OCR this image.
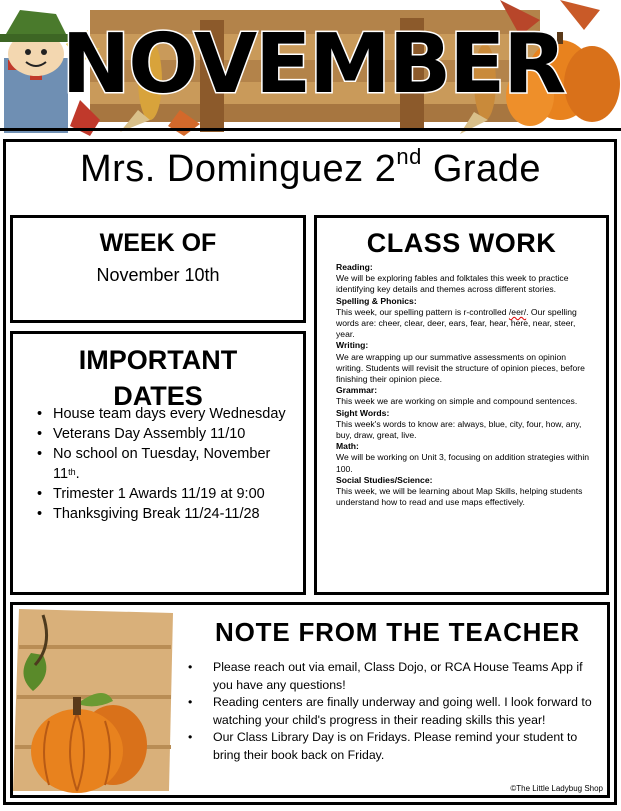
NOVEMBER
Mrs. Dominguez 2nd Grade
WEEK OF
November 10th
IMPORTANT DATES
• House team days every Wednesday
• Veterans Day Assembly 11/10
• No school on Tuesday, November 11th.
• Trimester 1 Awards 11/19 at 9:00
• Thanksgiving Break 11/24-11/28
CLASS WORK
Reading:
We will be exploring fables and folktales this week to practice identifying key details and themes across different stories.
Spelling & Phonics:
This week, our spelling pattern is r-controlled /eer/. Our spelling words are: cheer, clear, deer, ears, fear, hear, here, near, steer, year.
Writing:
We are wrapping up our summative assessments on opinion writing. Students will revisit the structure of opinion pieces, before finishing their opinion piece.
Grammar:
This week we are working on simple and compound sentences.
Sight Words:
This week's words to know are: always, blue, city, four, how, any, buy, draw, great, live.
Math:
We will be working on Unit 3, focusing on addition strategies within 100.
Social Studies/Science:
This week, we will be learning about Map Skills, helping students understand how to read and use maps effectively.
NOTE FROM THE TEACHER
• Please reach out via email, Class Dojo, or RCA House Teams App if you have any questions!
• Reading centers are finally underway and going well. I look forward to watching your child's progress in their reading skills this year!
• Our Class Library Day is on Fridays. Please remind your student to bring their book back on Friday.
©The Little Ladybug Shop
